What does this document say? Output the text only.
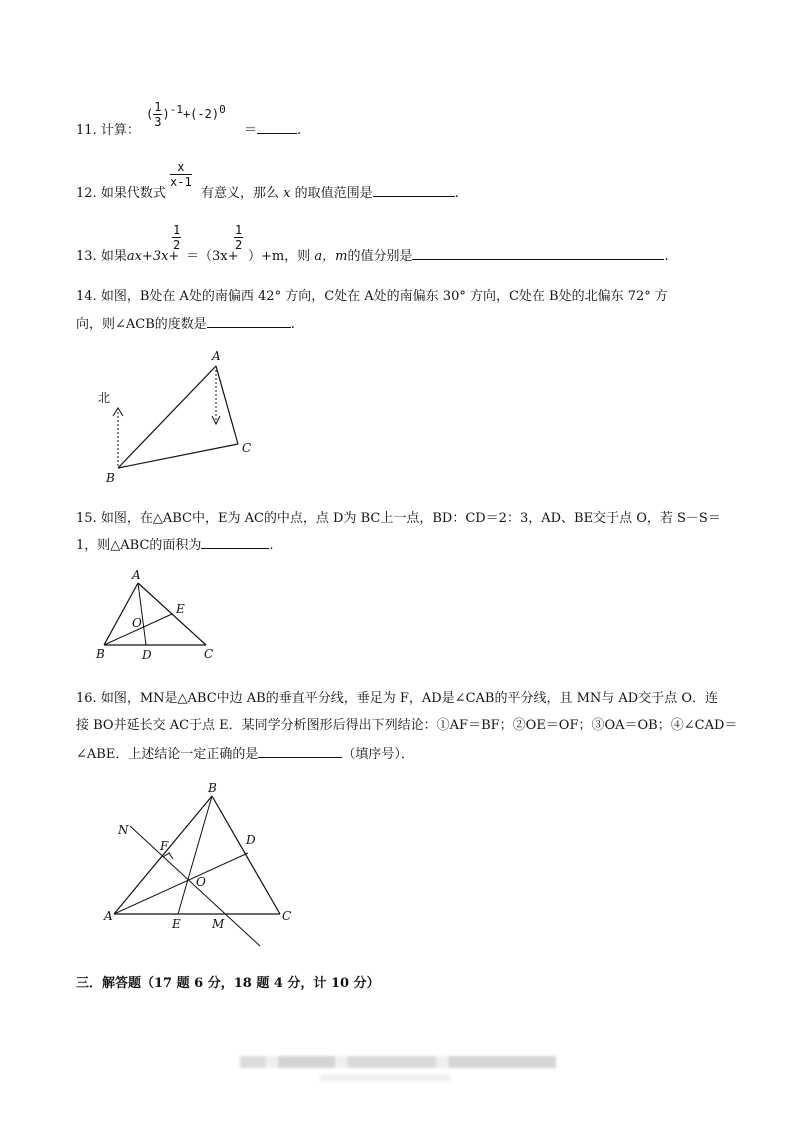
11. 计算：
( $\frac{1}{3} )^{-1}+(-2)^0$
＝	.
12. 如果代数式
$\frac{x}{x-1}$
有意义，那么 x 的取值范围是	.
13. 如果ax+3x+
$\frac{1}{2}$
＝（3x+
$\frac{1}{2}$
）+m，则 a，m的值分别是	.
14. 如图，B处在 A处的南偏西 42° 方向，C处在 A处的南偏东 30° 方向，C处在 B处的北偏东 72° 方
向，则∠ACB的度数是	.
A
B
C
北
15. 如图，在△ABC中，E为 AC的中点，点 D为 BC上一点，BD：CD＝2：3，AD、BE交于点 O，若 S－S＝
1，则△ABC的面积为	.
A
B	C
D
E
O
16. 如图，MN是△ABC中边 AB的垂直平分线，垂足为 F，AD是∠CAB的平分线，且 MN与 AD交于点 O．连
接 BO并延长交 AC于点 E．某同学分析图形后得出下列结论：①AF＝BF；②OE＝OF；③OA＝OB；④∠CAD＝
∠ABE．上述结论一定正确的是	（填序号）．
B
A	C
D
E
F
M
N
O
三．解答题（17 题 6 分，18 题 4 分，计 10 分）
